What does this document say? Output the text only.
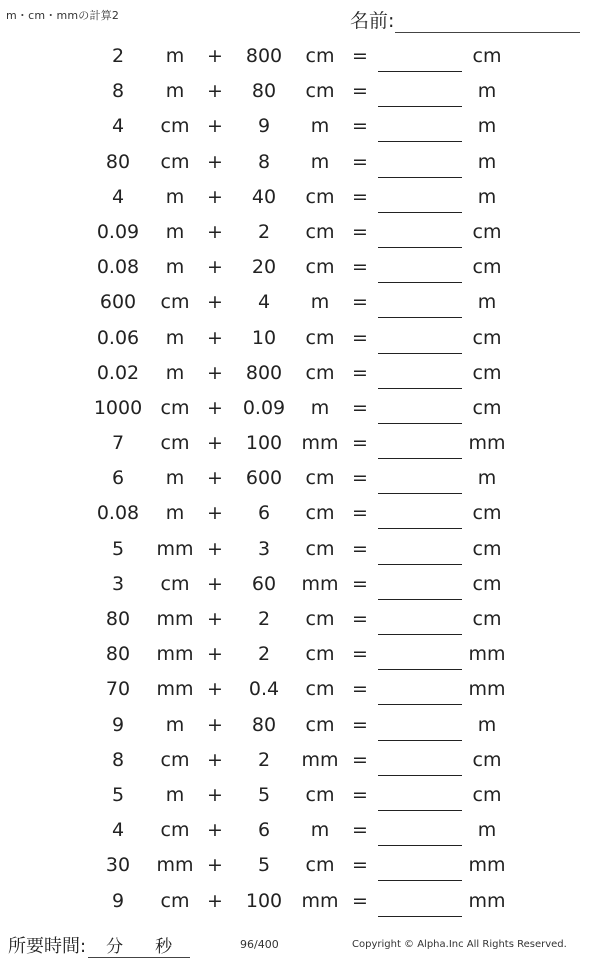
m・cm・mmの計算2	名前:
2	m	+	800	cm =	cm
8	m	+	80	cm =	m
4	cm +	9	m	=	m
80	cm +	8	m	=	m
4	m	+	40	cm =	m
0.09	m	+	2	cm =	cm
0.08	m	+	20	cm =	cm
600	cm +	4	m	=	m
0.06	m	+	10	cm =	cm
0.02	m	+	800	cm =	cm
1000 cm +	0.09	m	=	cm
7	cm +	100	mm =	mm
6	m	+	600	cm =	m
0.08	m	+	6	cm =	cm
5	mm +	3	cm =	cm
3	cm +	60	mm =	cm
80	mm +	2	cm =	cm
80	mm +	2	cm =	mm
70	mm +	0.4	cm =	mm
9	m	+	80	cm =	m
8	cm +	2	mm =	cm
5	m	+	5	cm =	cm
4	cm +	6	m	=	m
30	mm +	5	cm =	mm
9	cm +	100	mm =	mm
所要時間: 分 秒	96/400	Copyright © Alpha.Inc All Rights Reserved.
